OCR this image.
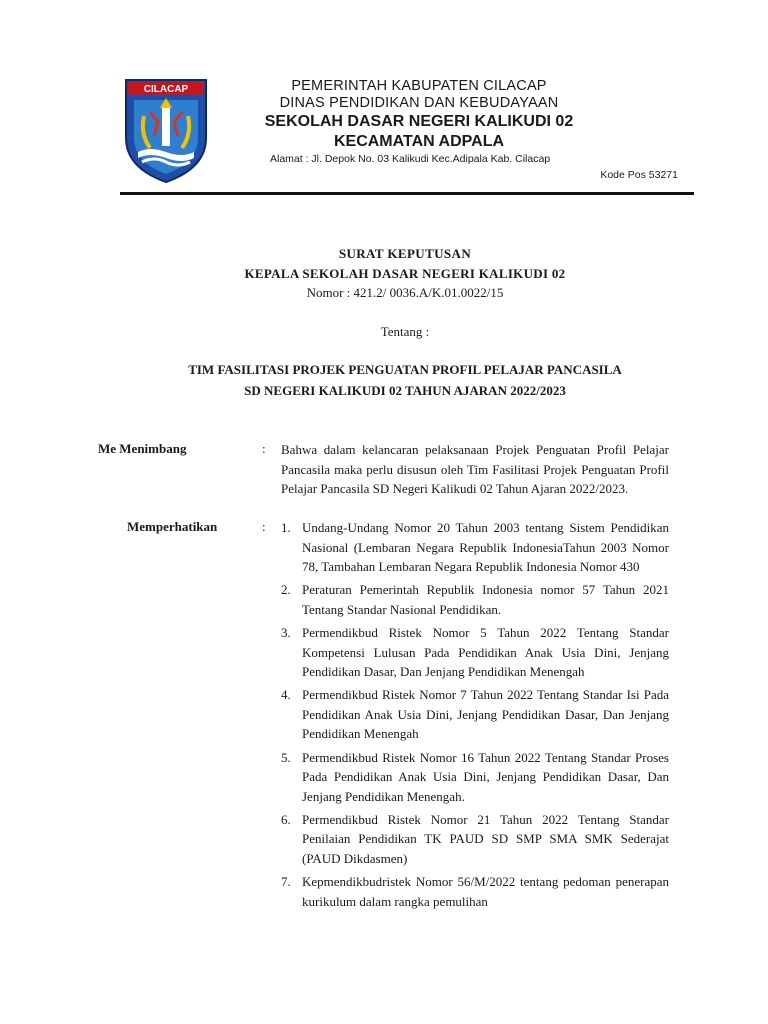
CILACAP	PEMERINTAH KABUPATEN CILACAP
DINAS PENDIDIKAN DAN KEBUDAYAAN
SEKOLAH DASAR NEGERI KALIKUDI 02
KECAMATAN ADPALA
Alamat : Jl. Depok No. 03 Kalikudi Kec.Adipala Kab. Cilacap
Kode Pos 53271
SURAT KEPUTUSAN
KEPALA SEKOLAH DASAR NEGERI KALIKUDI 02
Nomor : 421.2/ 0036.A/K.01.0022/15
Tentang :
TIM FASILITASI PROJEK PENGUATAN PROFIL PELAJAR PANCASILA
SD NEGERI KALIKUDI 02 TAHUN AJARAN 2022/2023
Me Menimbang	: Bahwa dalam kelancaran pelaksanaan Projek Penguatan Profil Pelajar Pancasila maka perlu disusun oleh Tim Fasilitasi Projek Penguatan Profil Pelajar Pancasila SD Negeri Kalikudi 02 Tahun Ajaran 2022/2023.
Memperhatikan	: 1. Undang-Undang Nomor 20 Tahun 2003 tentang Sistem Pendidikan Nasional (Lembaran Negara Republik IndonesiaTahun 2003 Nomor 78, Tambahan Lembaran Negara Republik Indonesia Nomor 430
2. Peraturan Pemerintah Republik Indonesia nomor 57 Tahun 2021 Tentang Standar Nasional Pendidikan.
3. Permendikbud Ristek Nomor 5 Tahun 2022 Tentang Standar Kompetensi Lulusan Pada Pendidikan Anak Usia Dini, Jenjang Pendidikan Dasar, Dan Jenjang Pendidikan Menengah
4. Permendikbud Ristek Nomor 7 Tahun 2022 Tentang Standar Isi Pada Pendidikan Anak Usia Dini, Jenjang Pendidikan Dasar, Dan Jenjang Pendidikan Menengah
5. Permendikbud Ristek Nomor 16 Tahun 2022 Tentang Standar Proses Pada Pendidikan Anak Usia Dini, Jenjang Pendidikan Dasar, Dan Jenjang Pendidikan Menengah.
6. Permendikbud Ristek Nomor 21 Tahun 2022 Tentang Standar Penilaian Pendidikan TK PAUD SD SMP SMA SMK Sederajat (PAUD Dikdasmen)
7. Kepmendikbudristek Nomor 56/M/2022 tentang pedoman penerapan kurikulum dalam rangka pemulihan
